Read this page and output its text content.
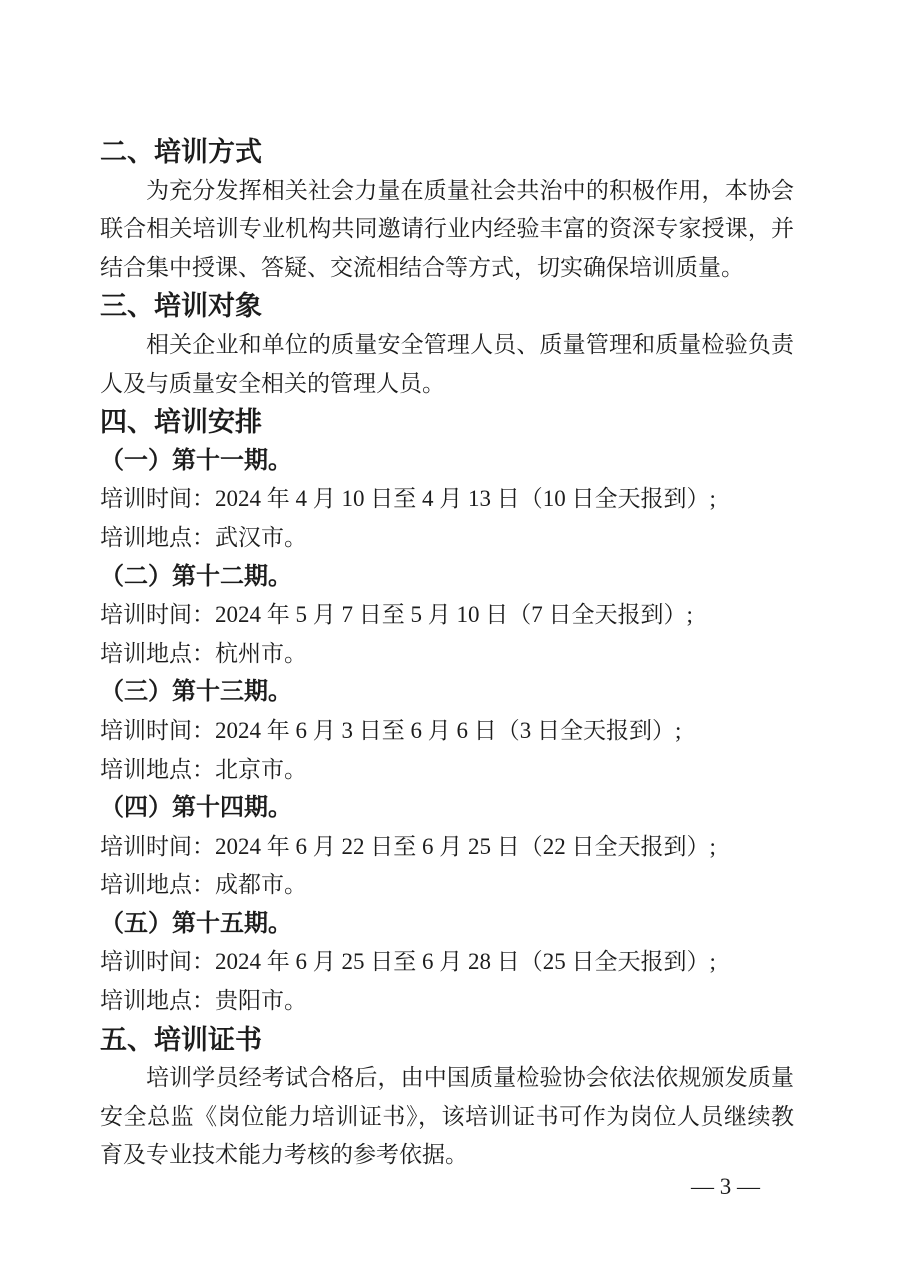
二、培训方式
为充分发挥相关社会力量在质量社会共治中的积极作用，本协会联合相关培训专业机构共同邀请行业内经验丰富的资深专家授课，并结合集中授课、答疑、交流相结合等方式，切实确保培训质量。
三、培训对象
相关企业和单位的质量安全管理人员、质量管理和质量检验负责人及与质量安全相关的管理人员。
四、培训安排
（一）第十一期。
培训时间：2024 年 4 月 10 日至 4 月 13 日（10 日全天报到）;
培训地点：武汉市。
（二）第十二期。
培训时间：2024 年 5 月 7 日至 5 月 10 日（7 日全天报到）;
培训地点：杭州市。
（三）第十三期。
培训时间：2024 年 6 月 3 日至 6 月 6 日（3 日全天报到）;
培训地点：北京市。
（四）第十四期。
培训时间：2024 年 6 月 22 日至 6 月 25 日（22 日全天报到）;
培训地点：成都市。
（五）第十五期。
培训时间：2024 年 6 月 25 日至 6 月 28 日（25 日全天报到）;
培训地点：贵阳市。
五、培训证书
培训学员经考试合格后，由中国质量检验协会依法依规颁发质量安全总监《岗位能力培训证书》，该培训证书可作为岗位人员继续教育及专业技术能力考核的参考依据。
— 3 —
